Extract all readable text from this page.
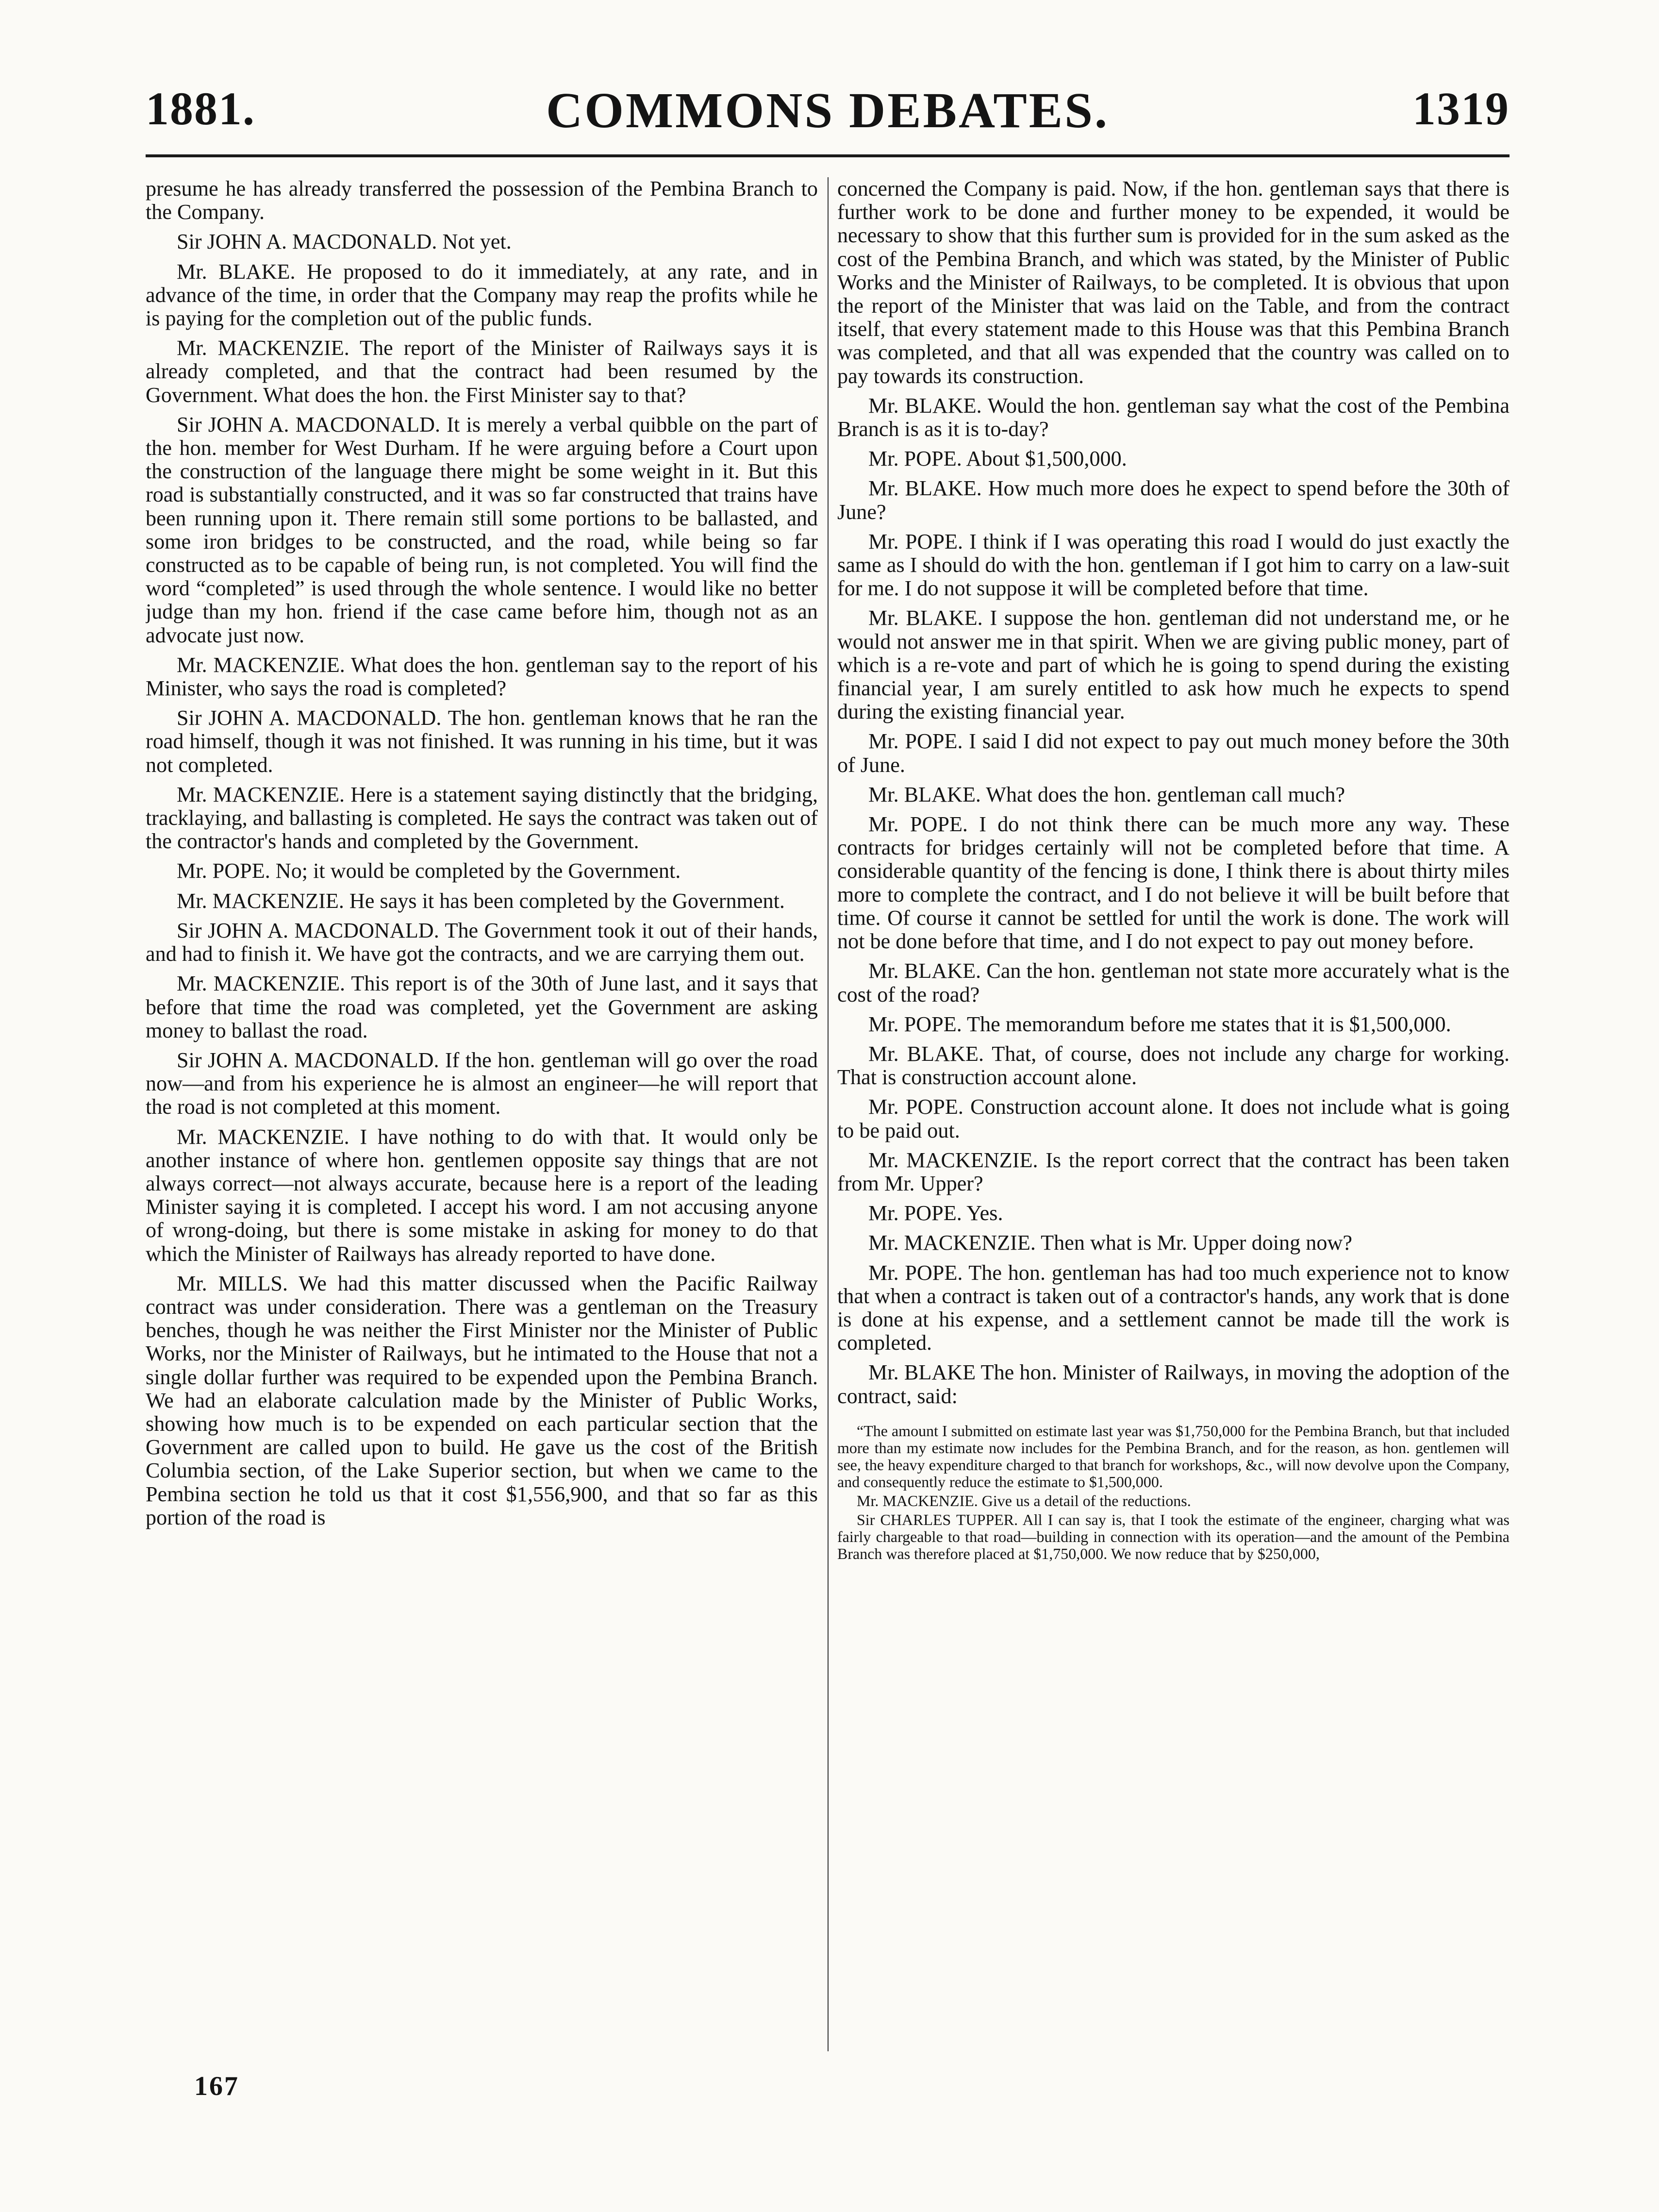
1881.	COMMONS DEBATES.	1319

presume he has already transferred the possession of the Pembina Branch to the Company.

Sir JOHN A. MACDONALD. Not yet.

Mr. BLAKE. He proposed to do it immediately, at any rate, and in advance of the time, in order that the Company may reap the profits while he is paying for the completion out of the public funds.

Mr. MACKENZIE. The report of the Minister of Railways says it is already completed, and that the contract had been resumed by the Government. What does the hon. the First Minister say to that?

Sir JOHN A. MACDONALD. It is merely a verbal quibble on the part of the hon. member for West Durham. If he were arguing before a Court upon the construction of the language there might be some weight in it. But this road is substantially constructed, and it was so far constructed that trains have been running upon it. There remain still some portions to be ballasted, and some iron bridges to be constructed, and the road, while being so far constructed as to be capable of being run, is not completed. You will find the word “completed” is used through the whole sentence. I would like no better judge than my hon. friend if the case came before him, though not as an advocate just now.

Mr. MACKENZIE. What does the hon. gentleman say to the report of his Minister, who says the road is completed?

Sir JOHN A. MACDONALD. The hon. gentleman knows that he ran the road himself, though it was not finished. It was running in his time, but it was not completed.

Mr. MACKENZIE. Here is a statement saying distinctly that the bridging, tracklaying, and ballasting is completed. He says the contract was taken out of the contractor's hands and completed by the Government.

Mr. POPE. No; it would be completed by the Government.

Mr. MACKENZIE. He says it has been completed by the Government.

Sir JOHN A. MACDONALD. The Government took it out of their hands, and had to finish it. We have got the contracts, and we are carrying them out.

Mr. MACKENZIE. This report is of the 30th of June last, and it says that before that time the road was completed, yet the Government are asking money to ballast the road.

Sir JOHN A. MACDONALD. If the hon. gentleman will go over the road now—and from his experience he is almost an engineer—he will report that the road is not completed at this moment.

Mr. MACKENZIE. I have nothing to do with that. It would only be another instance of where hon. gentlemen opposite say things that are not always correct—not always accurate, because here is a report of the leading Minister saying it is completed. I accept his word. I am not accusing anyone of wrong-doing, but there is some mistake in asking for money to do that which the Minister of Railways has already reported to have done.

Mr. MILLS. We had this matter discussed when the Pacific Railway contract was under consideration. There was a gentleman on the Treasury benches, though he was neither the First Minister nor the Minister of Public Works, nor the Minister of Railways, but he intimated to the House that not a single dollar further was required to be expended upon the Pembina Branch. We had an elaborate calculation made by the Minister of Public Works, showing how much is to be expended on each particular section that the Government are called upon to build. He gave us the cost of the British Columbia section, of the Lake Superior section, but when we came to the Pembina section he told us that it cost $1,556,900, and that so far as this portion of the road is

concerned the Company is paid. Now, if the hon. gentleman says that there is further work to be done and further money to be expended, it would be necessary to show that this further sum is provided for in the sum asked as the cost of the Pembina Branch, and which was stated, by the Minister of Public Works and the Minister of Railways, to be completed. It is obvious that upon the report of the Minister that was laid on the Table, and from the contract itself, that every statement made to this House was that this Pembina Branch was completed, and that all was expended that the country was called on to pay towards its construction.

Mr. BLAKE. Would the hon. gentleman say what the cost of the Pembina Branch is as it is to-day?

Mr. POPE. About $1,500,000.

Mr. BLAKE. How much more does he expect to spend before the 30th of June?

Mr. POPE. I think if I was operating this road I would do just exactly the same as I should do with the hon. gentleman if I got him to carry on a law-suit for me. I do not suppose it will be completed before that time.

Mr. BLAKE. I suppose the hon. gentleman did not understand me, or he would not answer me in that spirit. When we are giving public money, part of which is a re-vote and part of which he is going to spend during the existing financial year, I am surely entitled to ask how much he expects to spend during the existing financial year.

Mr. POPE. I said I did not expect to pay out much money before the 30th of June.

Mr. BLAKE. What does the hon. gentleman call much?

Mr. POPE. I do not think there can be much more any way. These contracts for bridges certainly will not be completed before that time. A considerable quantity of the fencing is done, I think there is about thirty miles more to complete the contract, and I do not believe it will be built before that time. Of course it cannot be settled for until the work is done. The work will not be done before that time, and I do not expect to pay out money before.

Mr. BLAKE. Can the hon. gentleman not state more accurately what is the cost of the road?

Mr. POPE. The memorandum before me states that it is $1,500,000.

Mr. BLAKE. That, of course, does not include any charge for working. That is construction account alone.

Mr. POPE. Construction account alone. It does not include what is going to be paid out.

Mr. MACKENZIE. Is the report correct that the contract has been taken from Mr. Upper?

Mr. POPE. Yes.

Mr. MACKENZIE. Then what is Mr. Upper doing now?

Mr. POPE. The hon. gentleman has had too much experience not to know that when a contract is taken out of a contractor's hands, any work that is done is done at his expense, and a settlement cannot be made till the work is completed.

Mr. BLAKE The hon. Minister of Railways, in moving the adoption of the contract, said:

“The amount I submitted on estimate last year was $1,750,000 for the Pembina Branch, but that included more than my estimate now includes for the Pembina Branch, and for the reason, as hon. gentlemen will see, the heavy expenditure charged to that branch for workshops, &c., will now devolve upon the Company, and consequently reduce the estimate to $1,500,000.

Mr. MACKENZIE. Give us a detail of the reductions.

Sir CHARLES TUPPER. All I can say is, that I took the estimate of the engineer, charging what was fairly chargeable to that road—building in connection with its operation—and the amount of the Pembina Branch was therefore placed at $1,750,000. We now reduce that by $250,000,

167
